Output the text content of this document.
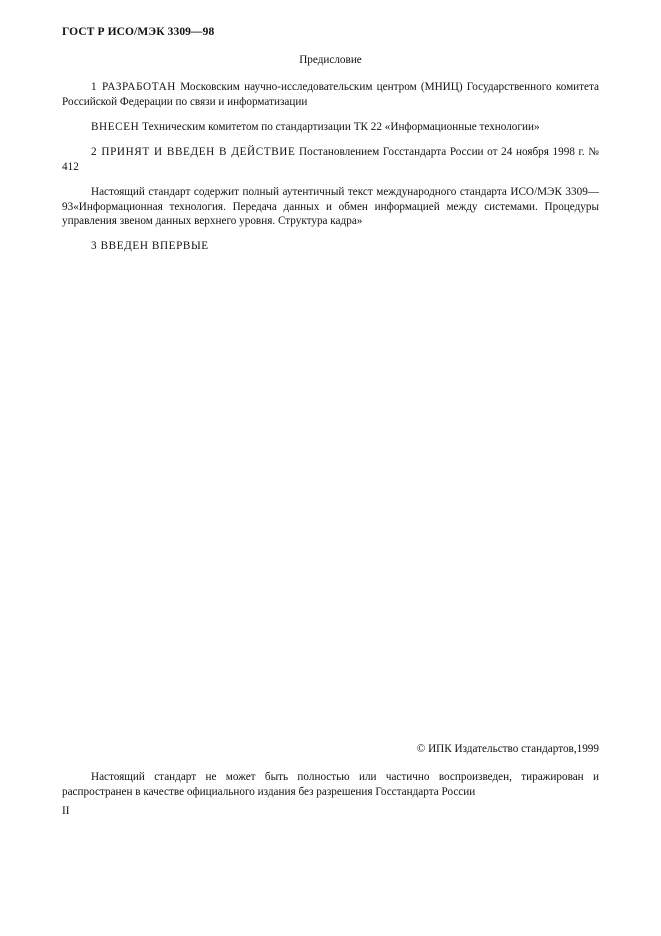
ГОСТ Р ИСО/МЭК 3309—98
Предисловие
1 РАЗРАБОТАН Московским научно-исследовательским центром (МНИЦ) Государственного комитета Российской Федерации по связи и информатизации
ВНЕСЕН Техническим комитетом по стандартизации ТК 22 «Информационные технологии»
2 ПРИНЯТ И ВВЕДЕН В ДЕЙСТВИЕ Постановлением Госстандарта России от 24 ноября 1998 г. № 412
Настоящий стандарт содержит полный аутентичный текст международного стандарта ИСО/МЭК 3309—93«Информационная технология. Передача данных и обмен информацией между системами. Процедуры управления звеном данных верхнего уровня. Структура кадра»
3 ВВЕДЕН ВПЕРВЫЕ
© ИПК Издательство стандартов,1999
Настоящий стандарт не может быть полностью или частично воспроизведен, тиражирован и распространен в качестве официального издания без разрешения Госстандарта России
II
